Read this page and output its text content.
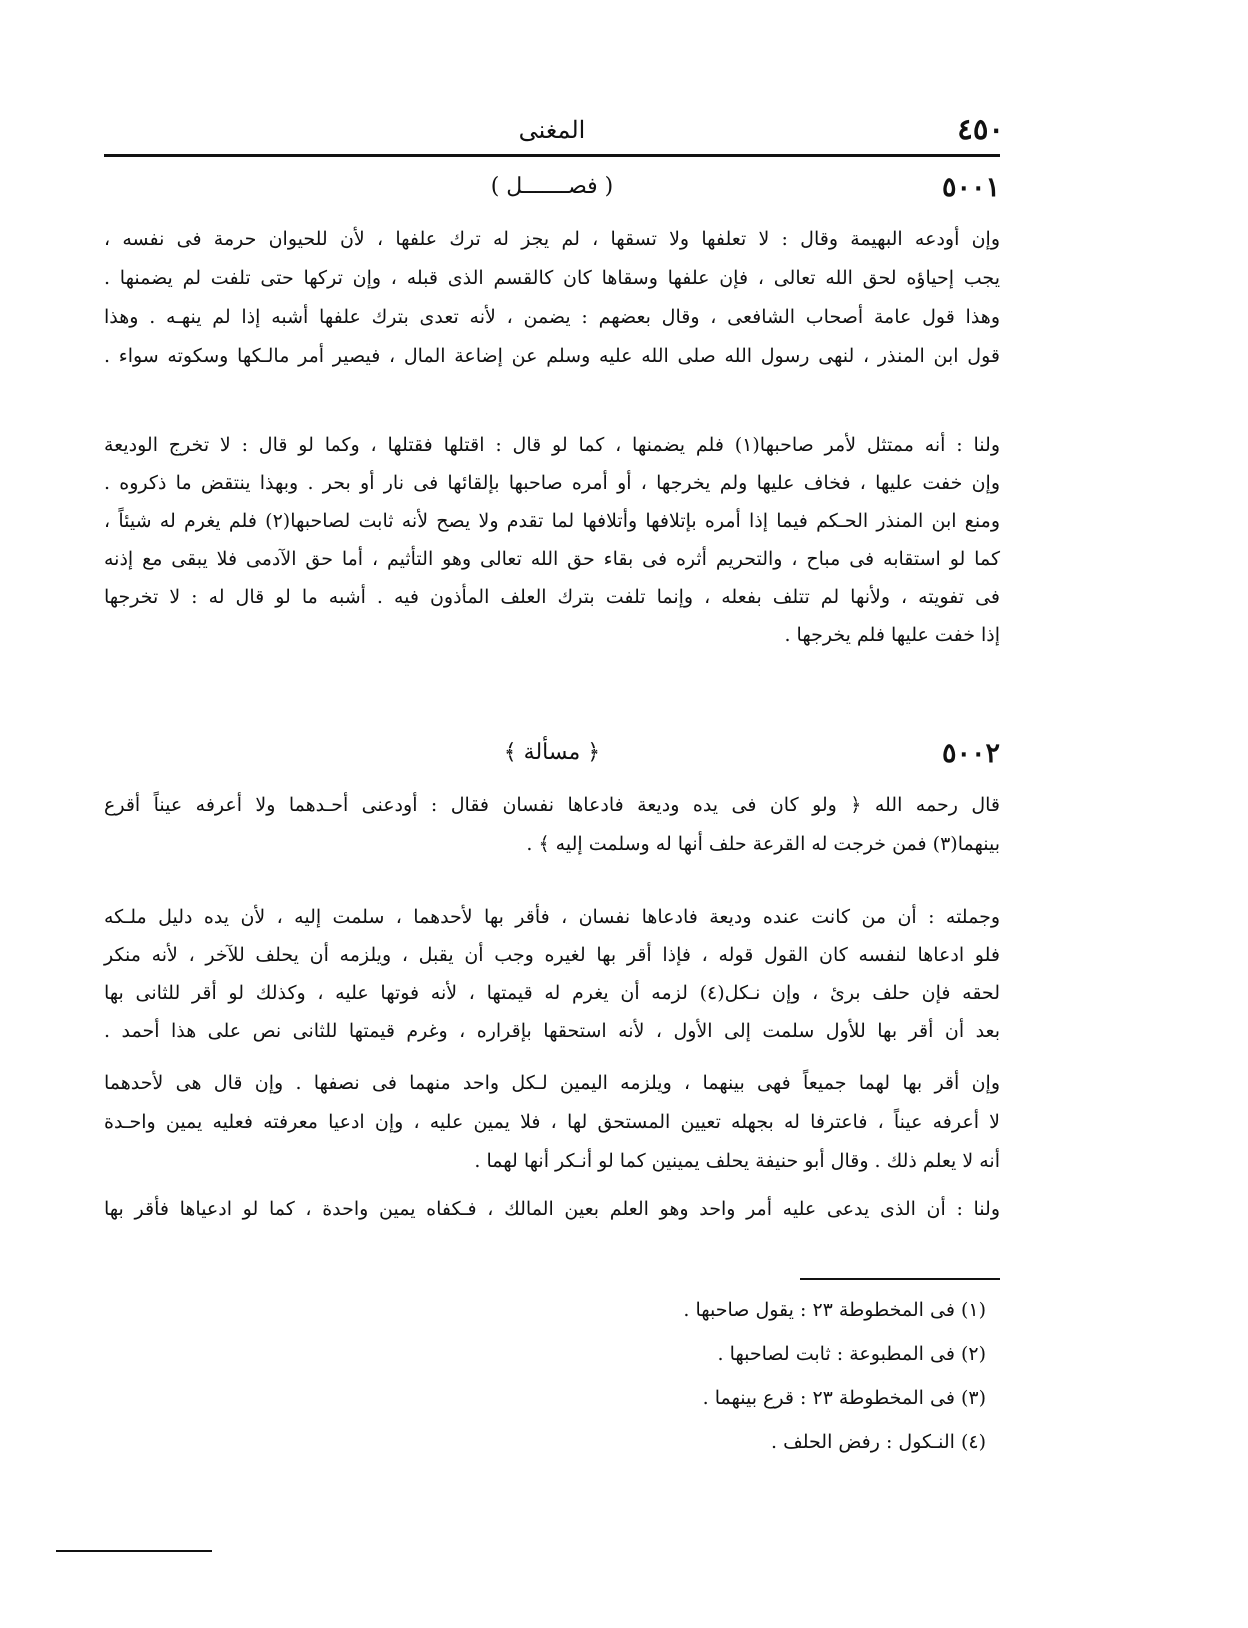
٤٥٠
المغنى
٥٠٠١
( فصـــــــل )

وإن أودعه البهيمة وقال : لا تعلفها ولا تسقها ، لم يجز له ترك علفها ، لأن للحيوان حرمة فى نفسه ،
يجب إحياؤه لحق الله تعالى ، فإن علفها وسقاها كان كالقسم الذى قبله ، وإن تركها حتى تلفت لم يضمنها .
وهذا قول عامة أصحاب الشافعى ، وقال بعضهم : يضمن ، لأنه تعدى بترك علفها أشبه إذا لم ينهـه . وهذا
قول ابن المنذر ، لنهى رسول الله صلى الله عليه وسلم عن إضاعة المال ، فيصير أمر مالـكها وسكوته سواء .

ولنا : أنه ممتثل لأمر صاحبها(١) فلم يضمنها ، كما لو قال : اقتلها فقتلها ، وكما لو قال : لا تخرج الوديعة
وإن خفت عليها ، فخاف عليها ولم يخرجها ، أو أمره صاحبها بإلقائها فى نار أو بحر . وبهذا ينتقض ما ذكروه .
ومنع ابن المنذر الحـكم فيما إذا أمره بإتلافها وأتلافها لما تقدم ولا يصح لأنه ثابت لصاحبها(٢) فلم يغرم له شيئاً ،
كما لو استقابه فى مباح ، والتحريم أثره فى بقاء حق الله تعالى وهو التأثيم ، أما حق الآدمى فلا يبقى مع إذنه
فى تفويته ، ولأنها لم تتلف بفعله ، وإنما تلفت بترك العلف المأذون فيه . أشبه ما لو قال له : لا تخرجها
إذا خفت عليها فلم يخرجها .

٥٠٠٢
﴿ مسألة ﴾

قال رحمه الله ﴿ ولو كان فى يده وديعة فادعاها نفسان فقال : أودعنى أحـدهما ولا أعرفه عيناً أقرع
بينهما(٣) فمن خرجت له القرعة حلف أنها له وسلمت إليه ﴾ .

وجملته : أن من كانت عنده وديعة فادعاها نفسان ، فأقر بها لأحدهما ، سلمت إليه ، لأن يده دليل ملـكه
فلو ادعاها لنفسه كان القول قوله ، فإذا أقر بها لغيره وجب أن يقبل ، ويلزمه أن يحلف للآخر ، لأنه منكر
لحقه فإن حلف برئ ، وإن نـكل(٤) لزمه أن يغرم له قيمتها ، لأنه فوتها عليه ، وكذلك لو أقر للثانى بها
بعد أن أقر بها للأول سلمت إلى الأول ، لأنه استحقها بإقراره ، وغرم قيمتها للثانى نص على هذا أحمد .

وإن أقر بها لهما جميعاً فهى بينهما ، ويلزمه اليمين لـكل واحد منهما فى نصفها . وإن قال هى لأحدهما
لا أعرفه عيناً ، فاعترفا له بجهله تعيين المستحق لها ، فلا يمين عليه ، وإن ادعيا معرفته فعليه يمين واحـدة
أنه لا يعلم ذلك . وقال أبو حنيفة يحلف يمينين كما لو أنـكر أنها لهما .

ولنا : أن الذى يدعى عليه أمر واحد وهو العلم بعين المالك ، فـكفاه يمين واحدة ، كما لو ادعياها فأقر بها

(١) فى المخطوطة ٢٣ : يقول صاحبها .
(٢) فى المطبوعة : ثابت لصاحبها .
(٣) فى المخطوطة ٢٣ : قرع بينهما .
(٤) النـكول : رفض الحلف .
